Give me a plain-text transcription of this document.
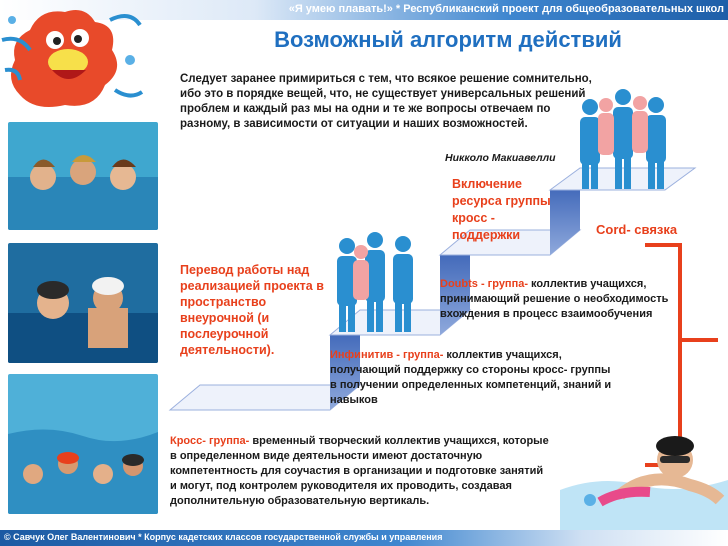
«Я умею плавать!» * Республиканский проект для общеобразовательных школ
Возможный алгоритм действий
Следует заранее примириться с тем, что всякое решение сомнительно, ибо это в порядке вещей, что, не существует универсальных решений проблем и каждый раз мы на одни и те же вопросы отвечаем по разному, в зависимости от ситуации и наших возможностей.
Никколо Макиавелли
Включение ресурса группы кросс - поддержки
Перевод работы над реализацией проекта в пространство внеурочной (и послеурочной деятельности).
Cord- связка
Doubts - группа- коллектив учащихся, принимающий решение о необходимость вхождения в процесс взаимообучения
Инфинитив - группа- коллектив учащихся, получающий поддержку со стороны кросс- группы в получении определенных компетенций, знаний и навыков
Кросс- группа- временный творческий коллектив учащихся, которые в определенном виде деятельности имеют достаточную компетентность для соучастия в организации и подготовке занятий и могут, под контролем руководителя их проводить, создавая дополнительную образовательную вертикаль.
© Савчук Олег Валентинович * Корпус кадетских классов государственной службы и управления
